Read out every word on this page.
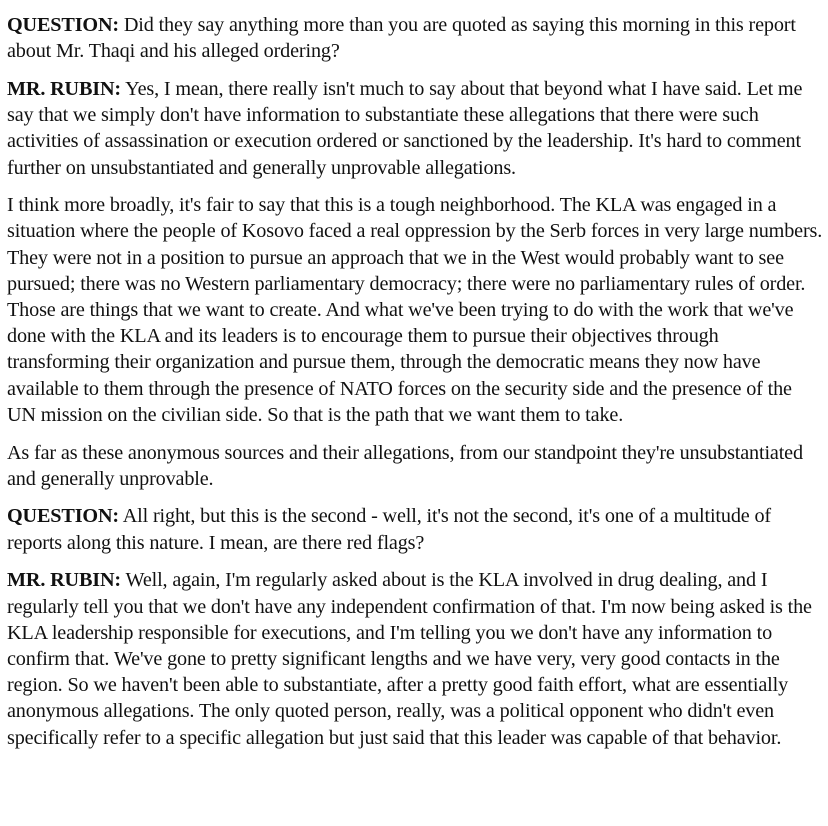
QUESTION: Did they say anything more than you are quoted as saying this morning in this report about Mr. Thaqi and his alleged ordering?

MR. RUBIN: Yes, I mean, there really isn't much to say about that beyond what I have said. Let me say that we simply don't have information to substantiate these allegations that there were such activities of assassination or execution ordered or sanctioned by the leadership. It's hard to comment further on unsubstantiated and generally unprovable allegations.

I think more broadly, it's fair to say that this is a tough neighborhood. The KLA was engaged in a situation where the people of Kosovo faced a real oppression by the Serb forces in very large numbers. They were not in a position to pursue an approach that we in the West would probably want to see pursued; there was no Western parliamentary democracy; there were no parliamentary rules of order. Those are things that we want to create. And what we've been trying to do with the work that we've done with the KLA and its leaders is to encourage them to pursue their objectives through transforming their organization and pursue them, through the democratic means they now have available to them through the presence of NATO forces on the security side and the presence of the UN mission on the civilian side. So that is the path that we want them to take.

As far as these anonymous sources and their allegations, from our standpoint they're unsubstantiated and generally unprovable.

QUESTION: All right, but this is the second - well, it's not the second, it's one of a multitude of reports along this nature. I mean, are there red flags?

MR. RUBIN: Well, again, I'm regularly asked about is the KLA involved in drug dealing, and I regularly tell you that we don't have any independent confirmation of that. I'm now being asked is the KLA leadership responsible for executions, and I'm telling you we don't have any information to confirm that. We've gone to pretty significant lengths and we have very, very good contacts in the region. So we haven't been able to substantiate, after a pretty good faith effort, what are essentially anonymous allegations. The only quoted person, really, was a political opponent who didn't even specifically refer to a specific allegation but just said that this leader was capable of that behavior.
